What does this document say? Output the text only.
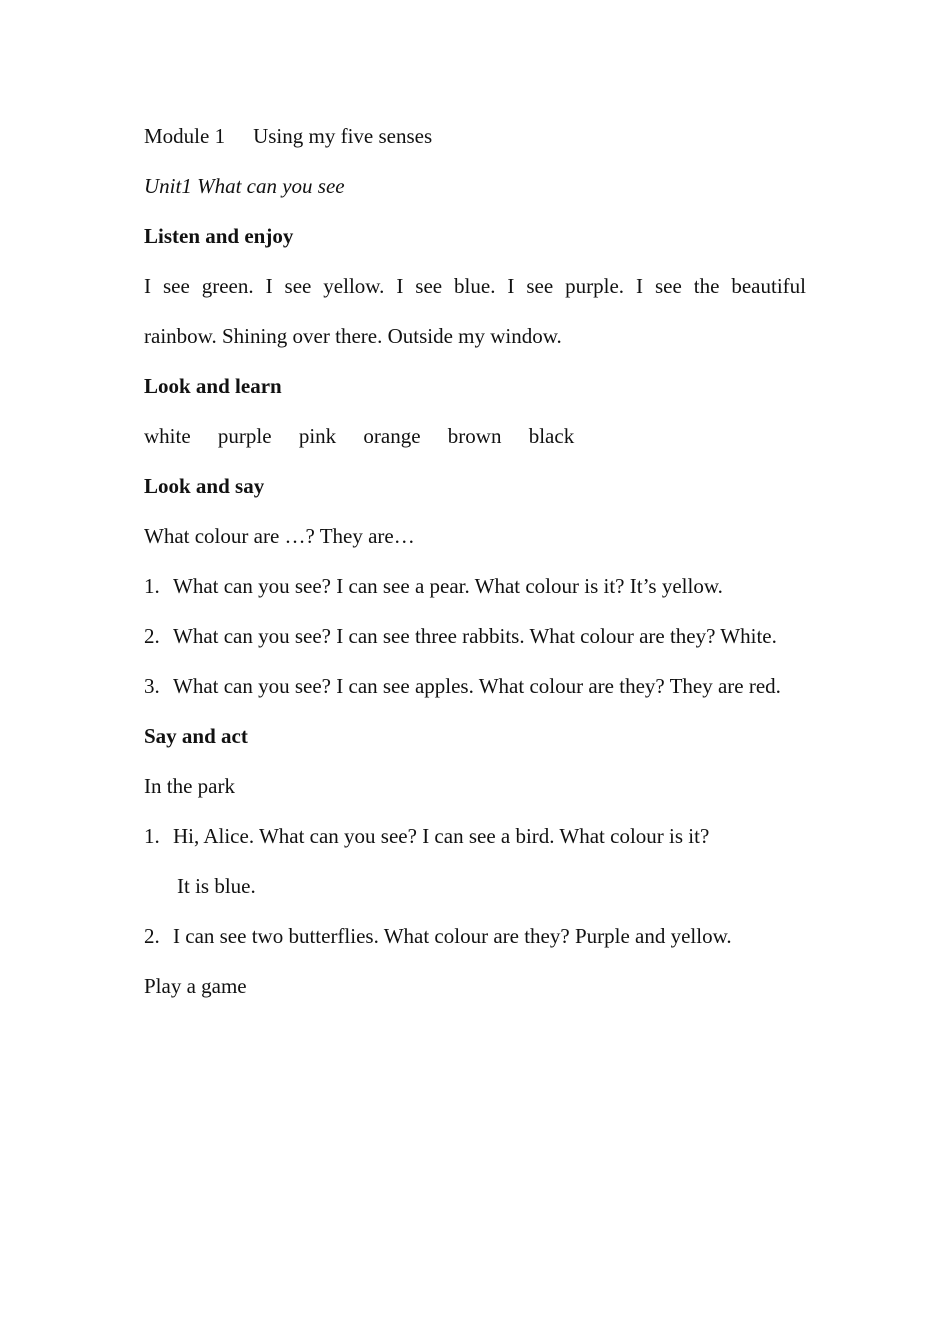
Module 1 Using my five senses
Unit1 What can you see
Listen and enjoy
I see green. I see yellow. I see blue. I see purple. I see the beautiful
rainbow. Shining over there. Outside my window.
Look and learn
white purple pink orange brown black
Look and say
What colour are …? They are…
1. What can you see? I can see a pear. What colour is it? It’s yellow.
2. What can you see? I can see three rabbits. What colour are they? White.
3. What can you see? I can see apples. What colour are they? They are red.
Say and act
In the park
1. Hi, Alice. What can you see? I can see a bird. What colour is it?
It is blue.
2. I can see two butterflies. What colour are they? Purple and yellow.
Play a game
